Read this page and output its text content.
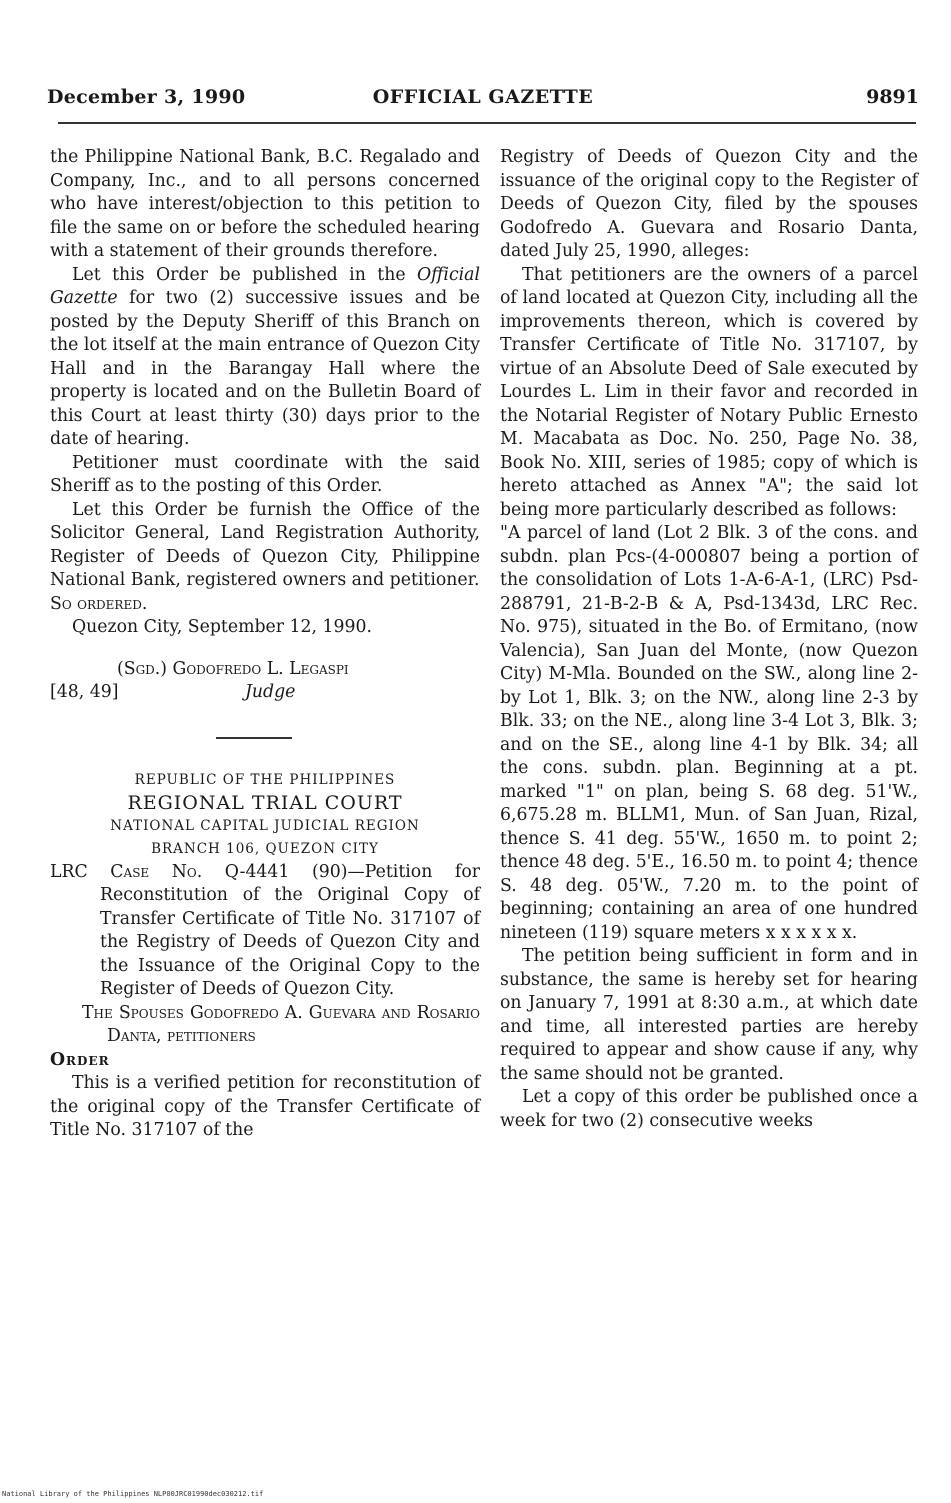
December 3, 1990	OFFICIAL GAZETTE	9891

the Philippine National Bank, B.C. Regalado and Company, Inc., and to all persons concerned who have interest/objection to this petition to file the same on or before the scheduled hearing with a statement of their grounds therefore.

Let this Order be published in the Official Gazette for two (2) successive issues and be posted by the Deputy Sheriff of this Branch on the lot itself at the main entrance of Quezon City Hall and in the Barangay Hall where the property is located and on the Bulletin Board of this Court at least thirty (30) days prior to the date of hearing.

Petitioner must coordinate with the said Sheriff as to the posting of this Order.

Let this Order be furnish the Office of the Solicitor General, Land Registration Authority, Register of Deeds of Quezon City, Philippine National Bank, registered owners and petitioner.

So ordered.

Quezon City, September 12, 1990.

(Sgd.) Godofredo L. Legaspi
[48, 49]	Judge
REPUBLIC OF THE PHILIPPINES
REGIONAL TRIAL COURT
NATIONAL CAPITAL JUDICIAL REGION
BRANCH 106, QUEZON CITY

LRC Case No. Q-4441 (90)—Petition for Reconstitution of the Original Copy of Transfer Certificate of Title No. 317107 of the Registry of Deeds of Quezon City and the Issuance of the Original Copy to the Register of Deeds of Quezon City.

The Spouses Godofredo A. Guevara and Rosario Danta, petitioners

Order

This is a verified petition for reconstitution of the original copy of the Transfer Certificate of Title No. 317107 of the

Registry of Deeds of Quezon City and the issuance of the original copy to the Register of Deeds of Quezon City, filed by the spouses Godofredo A. Guevara and Rosario Danta, dated July 25, 1990, alleges:

That petitioners are the owners of a parcel of land located at Quezon City, including all the improvements thereon, which is covered by Transfer Certificate of Title No. 317107, by virtue of an Absolute Deed of Sale executed by Lourdes L. Lim in their favor and recorded in the Notarial Register of Notary Public Ernesto M. Macabata as Doc. No. 250, Page No. 38, Book No. XIII, series of 1985; copy of which is hereto attached as Annex "A"; the said lot being more particularly described as follows:

"A parcel of land (Lot 2 Blk. 3 of the cons. and subdn. plan Pcs-(4-000807 being a portion of the consolidation of Lots 1-A-6-A-1, (LRC) Psd-288791, 21-B-2-B & A, Psd-1343d, LRC Rec. No. 975), situated in the Bo. of Ermitano, (now Valencia), San Juan del Monte, (now Quezon City) M-Mla. Bounded on the SW., along line 2-by Lot 1, Blk. 3; on the NW., along line 2-3 by Blk. 33; on the NE., along line 3-4 Lot 3, Blk. 3; and on the SE., along line 4-1 by Blk. 34; all the cons. subdn. plan. Beginning at a pt. marked "1" on plan, being S. 68 deg. 51'W., 6,675.28 m. BLLM1, Mun. of San Juan, Rizal, thence S. 41 deg. 55'W., 1650 m. to point 2; thence 48 deg. 5'E., 16.50 m. to point 4; thence S. 48 deg. 05'W., 7.20 m. to the point of beginning; containing an area of one hundred nineteen (119) square meters x x x x x x.

The petition being sufficient in form and in substance, the same is hereby set for hearing on January 7, 1991 at 8:30 a.m., at which date and time, all interested parties are hereby required to appear and show cause if any, why the same should not be granted.

Let a copy of this order be published once a week for two (2) consecutive weeks

National Library of the Philippines NLP00JRC01990dec030212.tif
